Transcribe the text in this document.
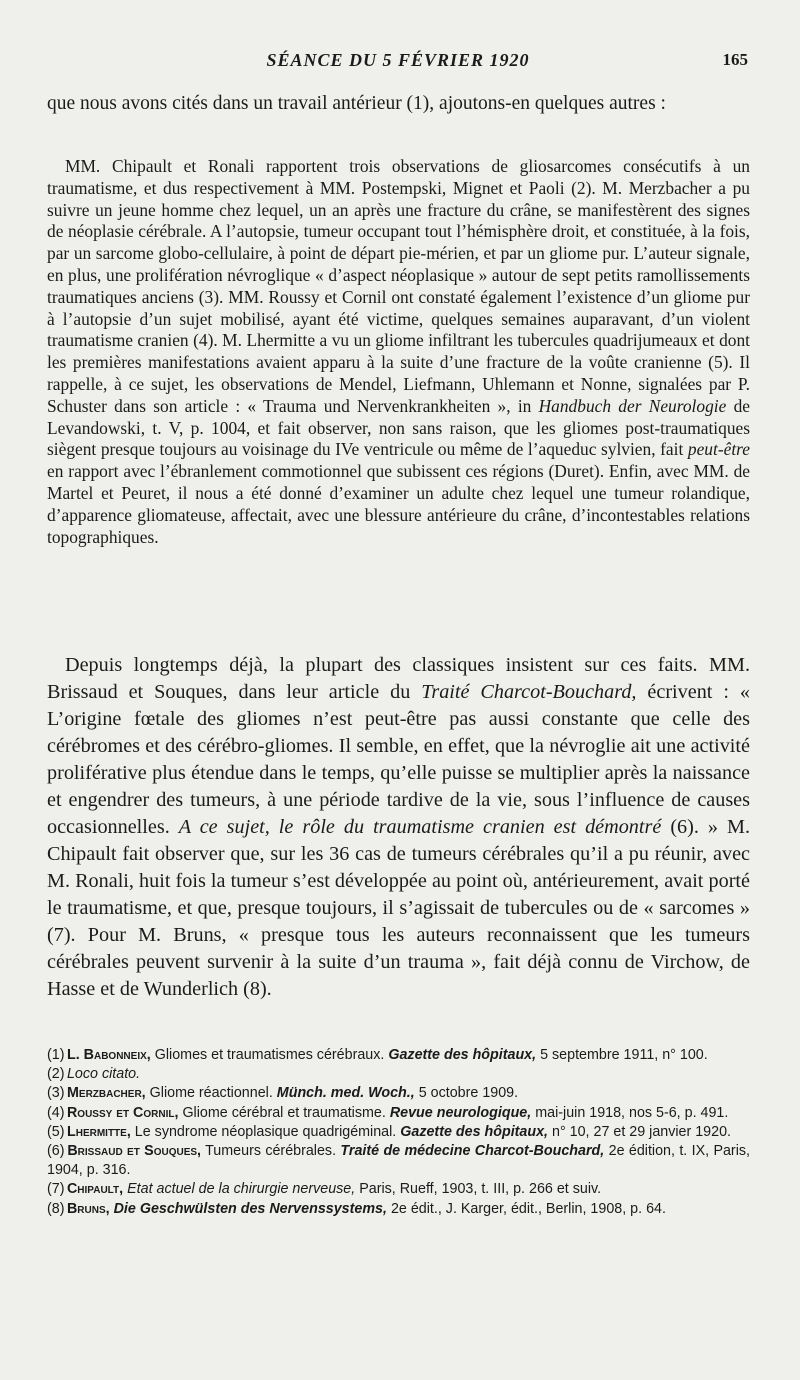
SÉANCE DU 5 FÉVRIER 1920	165
que nous avons cités dans un travail antérieur (1), ajoutons-en quelques autres :
MM. Chipault et Ronali rapportent trois observations de gliosarcomes consécutifs à un traumatisme, et dus respectivement à MM. Postempski, Mignet et Paoli (2). M. Merzbacher a pu suivre un jeune homme chez lequel, un an après une fracture du crâne, se manifestèrent des signes de néoplasie cérébrale. A l’autopsie, tumeur occupant tout l’hémisphère droit, et constituée, à la fois, par un sarcome globo-cellulaire, à point de départ pie-mérien, et par un gliome pur. L’auteur signale, en plus, une prolifération névroglique « d’aspect néoplasique » autour de sept petits ramollissements traumatiques anciens (3). MM. Roussy et Cornil ont constaté également l’existence d’un gliome pur à l’autopsie d’un sujet mobilisé, ayant été victime, quelques semaines auparavant, d’un violent traumatisme cranien (4). M. Lhermitte a vu un gliome infiltrant les tubercules quadrijumeaux et dont les premières manifestations avaient apparu à la suite d’une fracture de la voûte cranienne (5). Il rappelle, à ce sujet, les observations de Mendel, Liefmann, Uhlemann et Nonne, signalées par P. Schuster dans son article : « Trauma und Nervenkrankheiten », in Handbuch der Neurologie de Levandowski, t. V, p. 1004, et fait observer, non sans raison, que les gliomes post-traumatiques siègent presque toujours au voisinage du IVe ventricule ou même de l’aqueduc sylvien, fait peut-être en rapport avec l’ébranlement commotionnel que subissent ces régions (Duret). Enfin, avec MM. de Martel et Peuret, il nous a été donné d’examiner un adulte chez lequel une tumeur rolandique, d’apparence gliomateuse, affectait, avec une blessure antérieure du crâne, d’incontestables relations topographiques.
Depuis longtemps déjà, la plupart des classiques insistent sur ces faits. MM. Brissaud et Souques, dans leur article du Traité Charcot-Bouchard, écrivent : « L’origine fœtale des gliomes n’est peut-être pas aussi constante que celle des cérébromes et des cérébro-gliomes. Il semble, en effet, que la névroglie ait une activité proliférative plus étendue dans le temps, qu’elle puisse se multiplier après la naissance et engendrer des tumeurs, à une période tardive de la vie, sous l’influence de causes occasionnelles. A ce sujet, le rôle du traumatisme cranien est démontré (6). » M. Chipault fait observer que, sur les 36 cas de tumeurs cérébrales qu’il a pu réunir, avec M. Ronali, huit fois la tumeur s’est développée au point où, antérieurement, avait porté le traumatisme, et que, presque toujours, il s’agissait de tubercules ou de « sarcomes » (7). Pour M. Bruns, « presque tous les auteurs reconnaissent que les tumeurs cérébrales peuvent survenir à la suite d’un trauma », fait déjà connu de Virchow, de Hasse et de Wunderlich (8).
(1) L. Babonneix, Gliomes et traumatismes cérébraux. Gazette des hôpitaux, 5 septembre 1911, n° 100.
(2) Loco citato.
(3) Merzbacher, Gliome réactionnel. Münch. med. Woch., 5 octobre 1909.
(4) Roussy et Cornil, Gliome cérébral et traumatisme. Revue neurologique, mai-juin 1918, nos 5-6, p. 491.
(5) Lhermitte, Le syndrome néoplasique quadrigéminal. Gazette des hôpitaux, n° 10, 27 et 29 janvier 1920.
(6) Brissaud et Souques, Tumeurs cérébrales. Traité de médecine Charcot-Bouchard, 2e édition, t. IX, Paris, 1904, p. 316.
(7) Chipault, Etat actuel de la chirurgie nerveuse, Paris, Rueff, 1903, t. III, p. 266 et suiv.
(8) Bruns, Die Geschwülsten des Nervenssystems, 2e édit., J. Karger, édit., Berlin, 1908, p. 64.
